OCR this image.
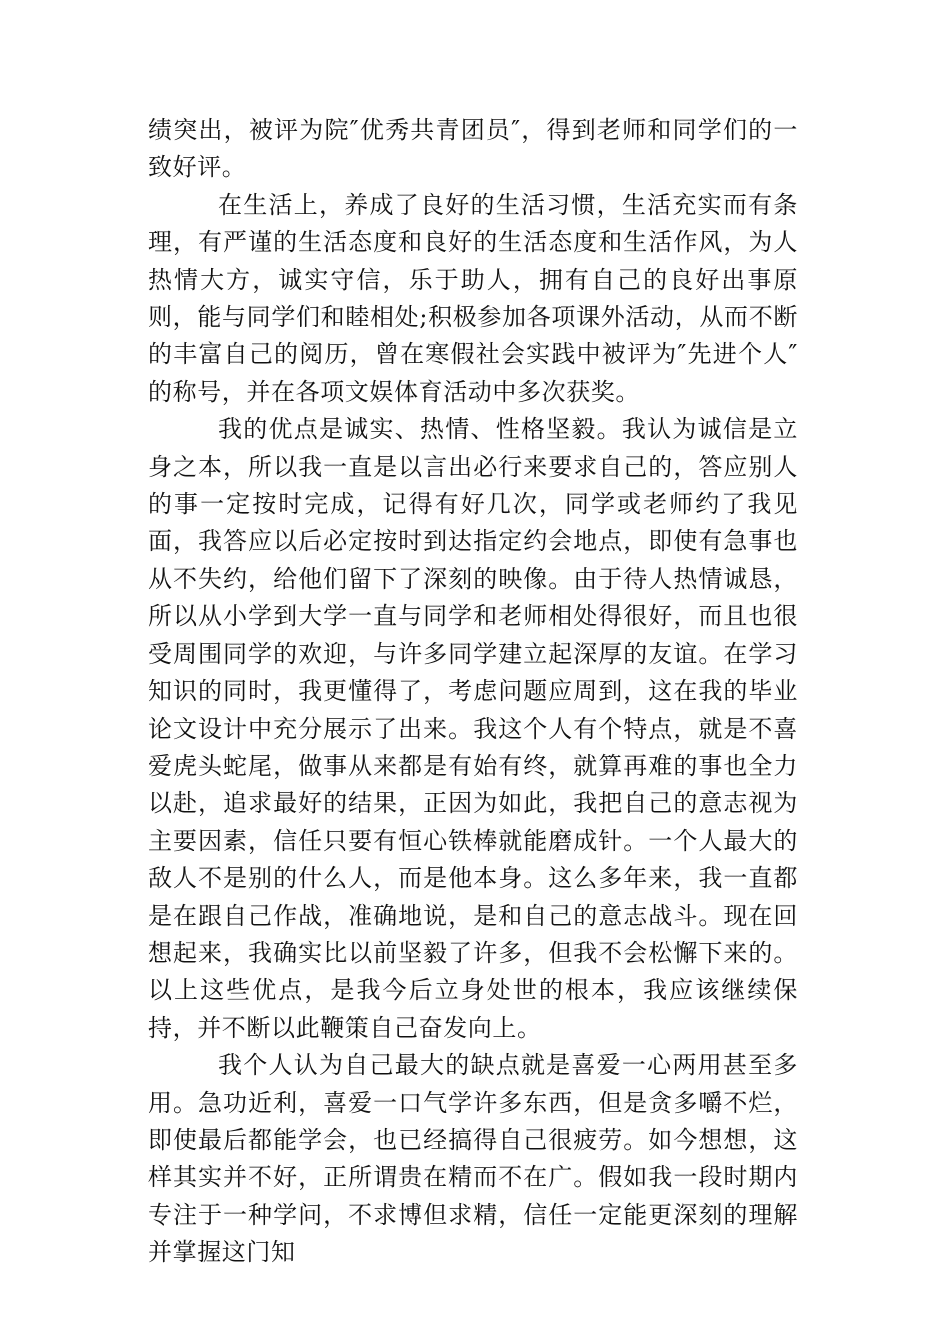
绩突出，被评为院″优秀共青团员″，得到老师和同学们的一致好评。

在生活上，养成了良好的生活习惯，生活充实而有条理，有严谨的生活态度和良好的生活态度和生活作风，为人热情大方，诚实守信，乐于助人，拥有自己的良好出事原则，能与同学们和睦相处;积极参加各项课外活动，从而不断的丰富自己的阅历，曾在寒假社会实践中被评为″先进个人″的称号，并在各项文娱体育活动中多次获奖。

我的优点是诚实、热情、性格坚毅。我认为诚信是立身之本，所以我一直是以言出必行来要求自己的，答应别人的事一定按时完成，记得有好几次，同学或老师约了我见面，我答应以后必定按时到达指定约会地点，即使有急事也从不失约，给他们留下了深刻的映像。由于待人热情诚恳，所以从小学到大学一直与同学和老师相处得很好，而且也很受周围同学的欢迎，与许多同学建立起深厚的友谊。在学习知识的同时，我更懂得了，考虑问题应周到，这在我的毕业论文设计中充分展示了出来。我这个人有个特点，就是不喜爱虎头蛇尾，做事从来都是有始有终，就算再难的事也全力以赴，追求最好的结果，正因为如此，我把自己的意志视为主要因素，信任只要有恒心铁棒就能磨成针。一个人最大的敌人不是别的什么人，而是他本身。这么多年来，我一直都是在跟自己作战，准确地说，是和自己的意志战斗。现在回想起来，我确实比以前坚毅了许多，但我不会松懈下来的。以上这些优点，是我今后立身处世的根本，我应该继续保持，并不断以此鞭策自己奋发向上。

我个人认为自己最大的缺点就是喜爱一心两用甚至多用。急功近利，喜爱一口气学许多东西，但是贪多嚼不烂，即使最后都能学会，也已经搞得自己很疲劳。如今想想，这样其实并不好，正所谓贵在精而不在广。假如我一段时期内专注于一种学问，不求博但求精，信任一定能更深刻的理解并掌握这门知
